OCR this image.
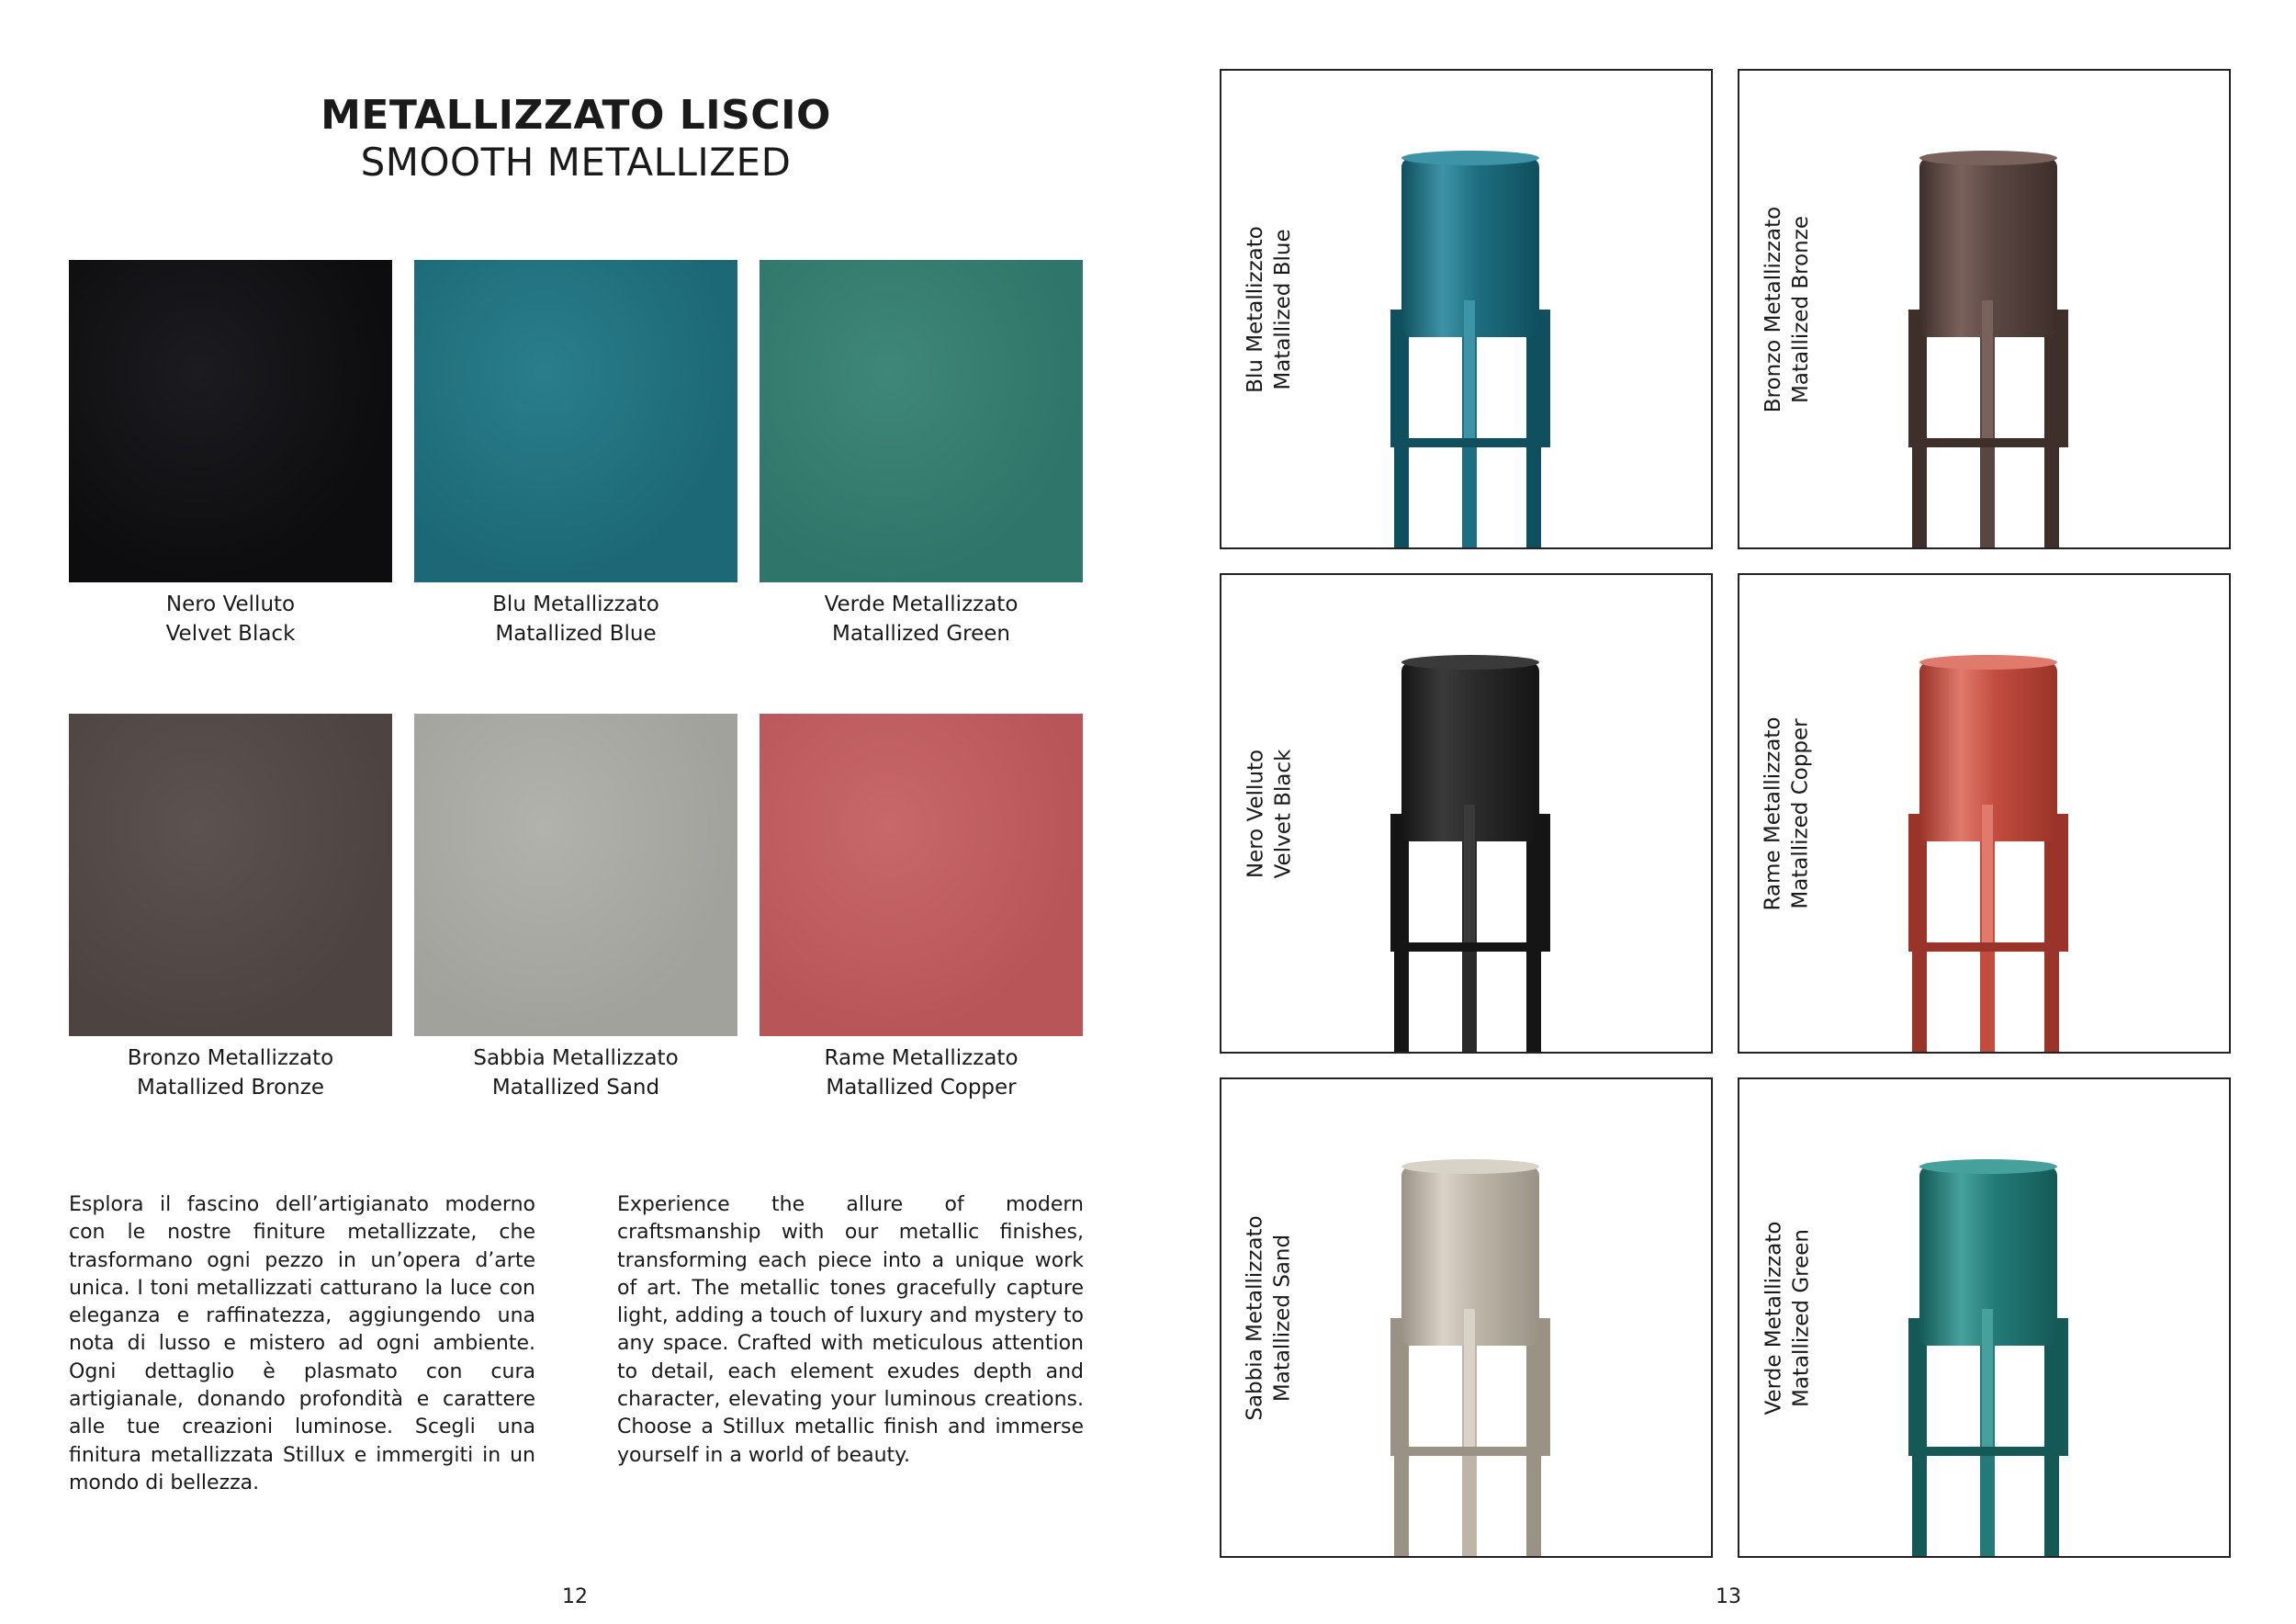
METALLIZZATO LISCIO
SMOOTH METALLIZED
Nero Velluto
Velvet Black
Blu Metallizzato
Matallized Blue
Verde Metallizzato
Matallized Green
Bronzo Metallizzato
Matallized Bronze
Sabbia Metallizzato
Matallized Sand
Rame Metallizzato
Matallized Copper
Esplora il fascino dell’artigianato moderno con le nostre finiture metallizzate, che trasformano ogni pezzo in un’opera d’arte unica. I toni metallizzati catturano la luce con eleganza e raffinatezza, aggiungendo una nota di lusso e mistero ad ogni ambiente. Ogni dettaglio è plasmato con cura artigianale, donando profondità e carattere alle tue creazioni luminose. Scegli una finitura metallizzata Stillux e immergiti in un mondo di bellezza.
Experience the allure of modern craftsmanship with our metallic finishes, transforming each piece into a unique work of art. The metallic tones gracefully capture light, adding a touch of luxury and mystery to any space. Crafted with meticulous attention to detail, each element exudes depth and character, elevating your luminous creations. Choose a Stillux metallic finish and immerse yourself in a world of beauty.
12	13
Blu Metallizzato Matallized Blue	Bronzo Metallizzato Matallized Bronze
Nero Velluto Velvet Black	Rame Metallizzato Matallized Copper
Sabbia Metallizzato Matallized Sand	Verde Metallizzato Matallized Green
